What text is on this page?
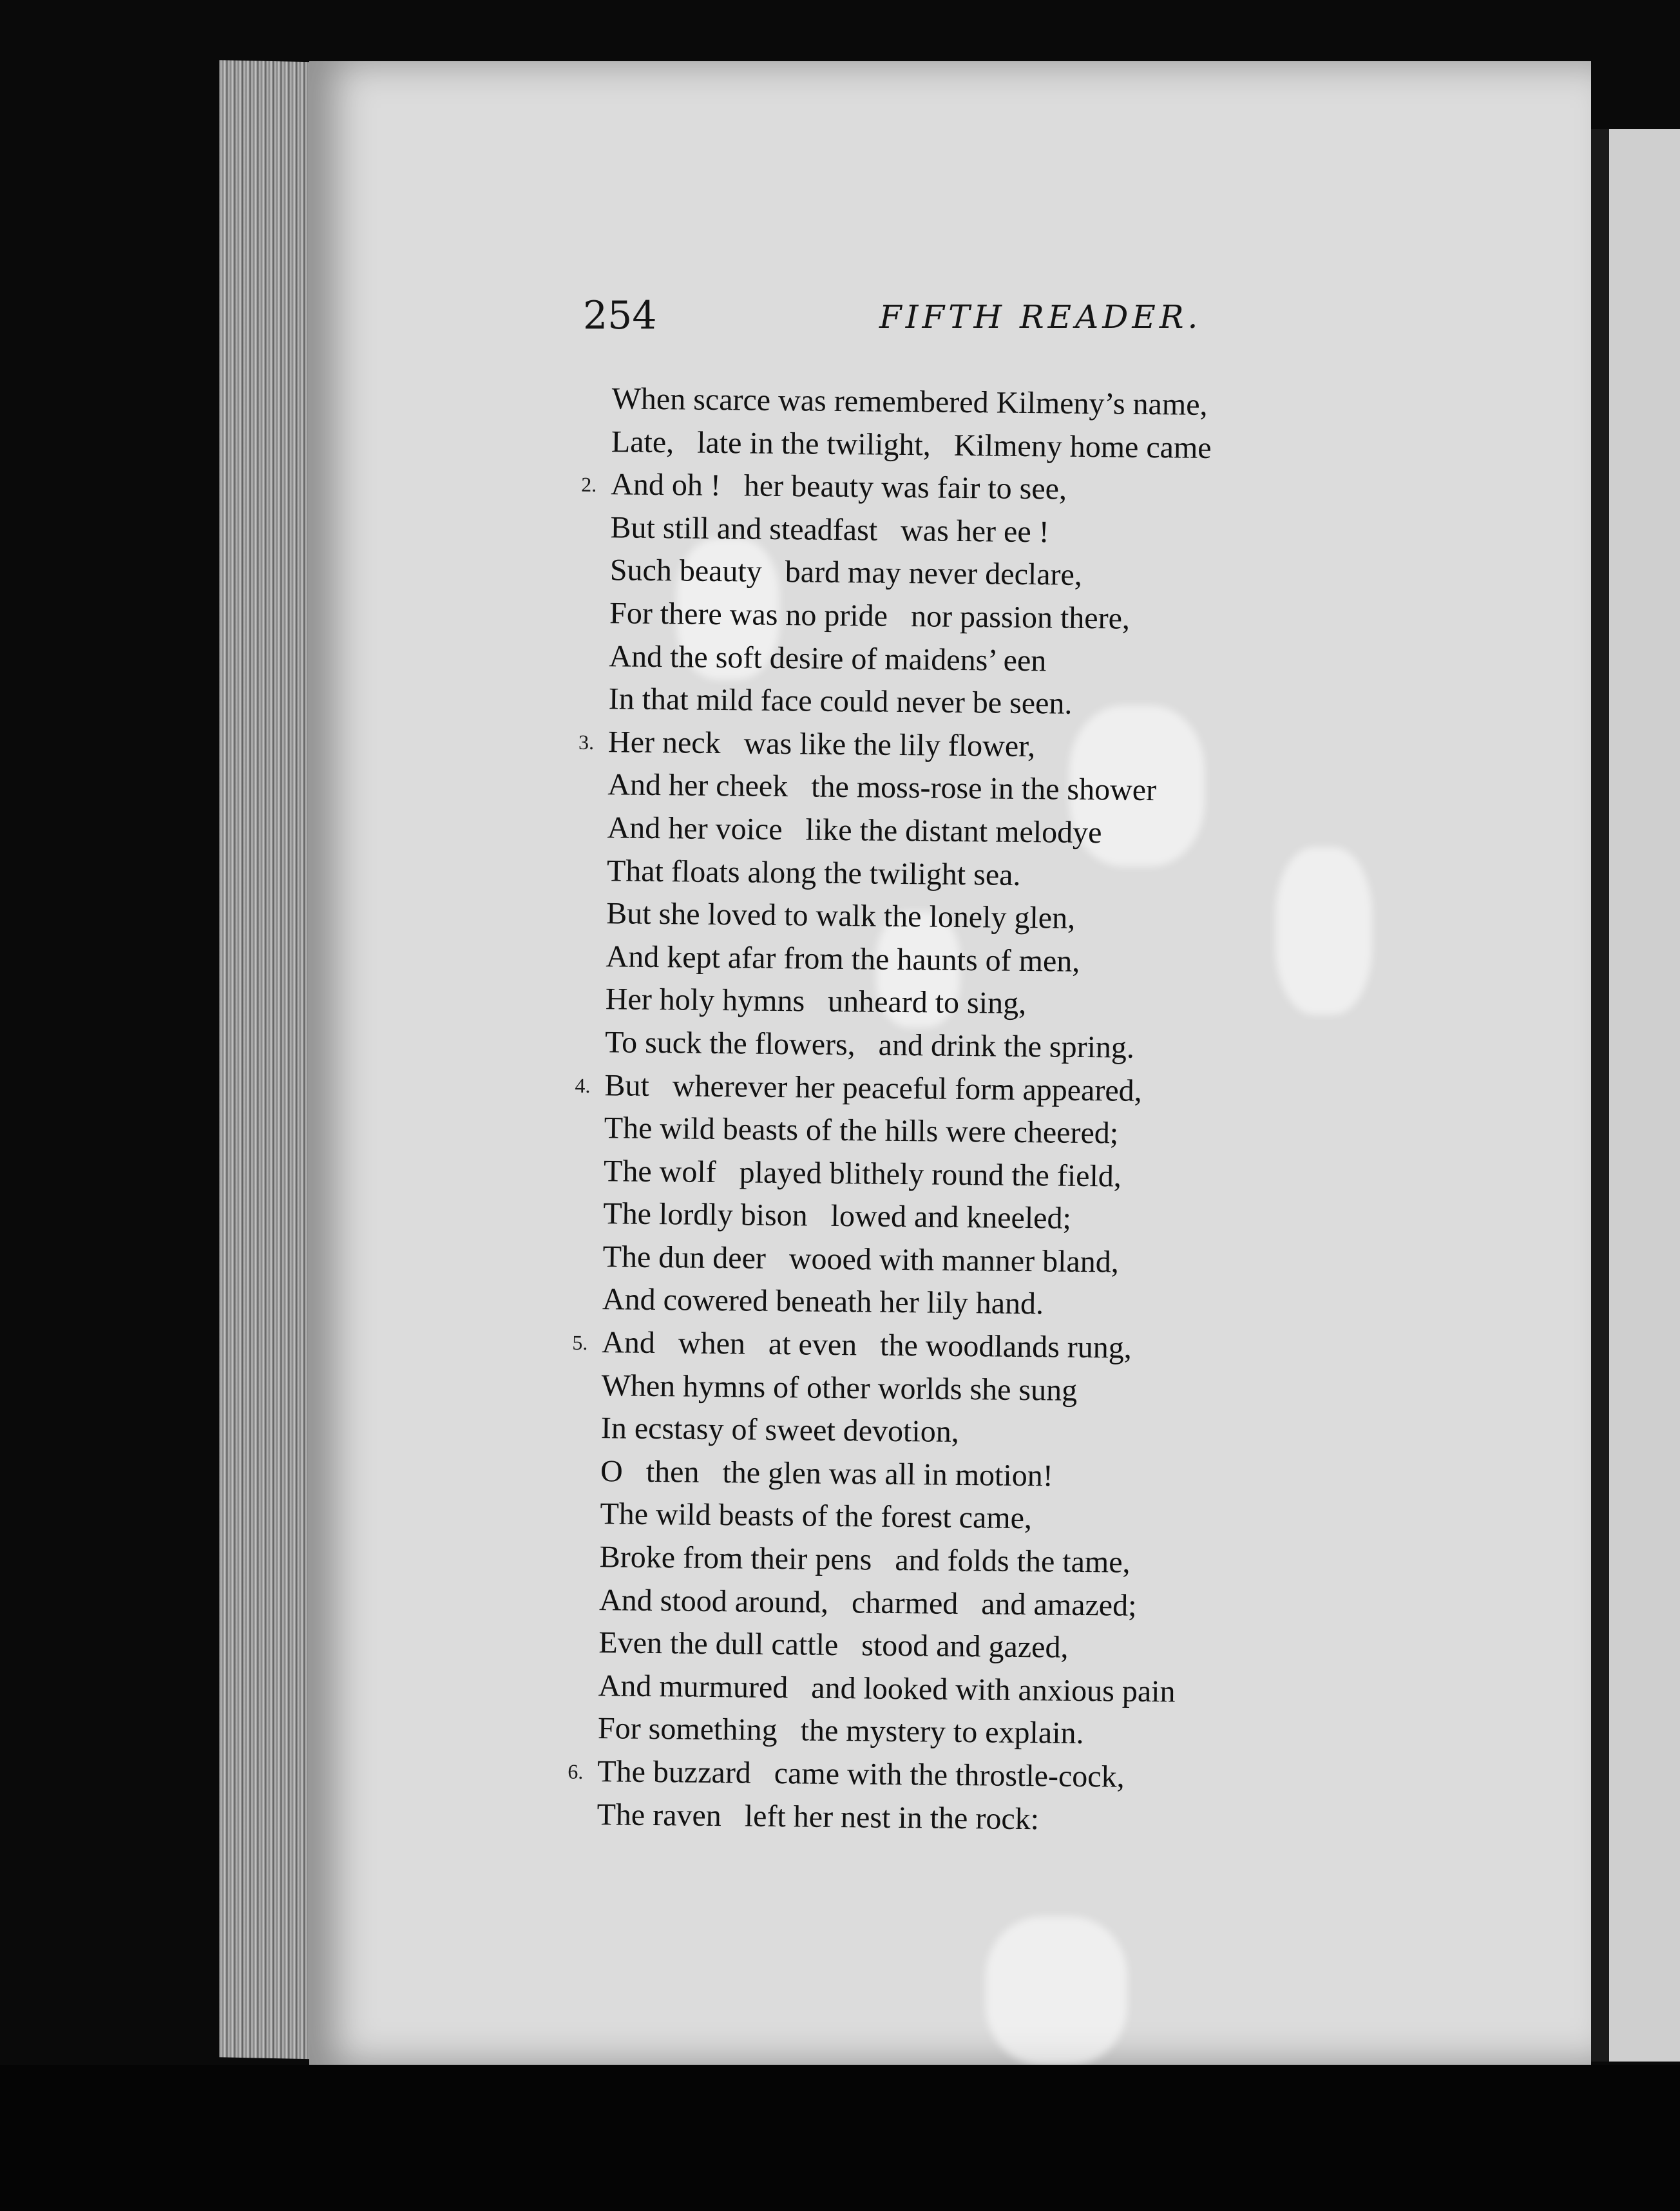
254	FIFTH READER.
When scarce was remembered Kilmeny’s name,
Late,   late in the twilight,   Kilmeny home came
2. And oh !   her beauty was fair to see,
But still and steadfast   was her ee !
Such beauty   bard may never declare,
For there was no pride   nor passion there,
And the soft desire of maidens’ een
In that mild face could never be seen.
3. Her neck   was like the lily flower,
And her cheek   the moss-rose in the shower
And her voice   like the distant melodye
That floats along the twilight sea.
But she loved to walk the lonely glen,
And kept afar from the haunts of men,
Her holy hymns   unheard to sing,
To suck the flowers,   and drink the spring.
4. But   wherever her peaceful form appeared,
The wild beasts of the hills were cheered;
The wolf   played blithely round the field,
The lordly bison   lowed and kneeled;
The dun deer   wooed with manner bland,
And cowered beneath her lily hand.
5. And   when   at even   the woodlands rung,
When hymns of other worlds she sung
In ecstasy of sweet devotion,
O   then   the glen was all in motion!
The wild beasts of the forest came,
Broke from their pens   and folds the tame,
And stood around,   charmed   and amazed;
Even the dull cattle   stood and gazed,
And murmured   and looked with anxious pain
For something   the mystery to explain.
6. The buzzard   came with the throstle-cock,
The raven   left her nest in the rock:
